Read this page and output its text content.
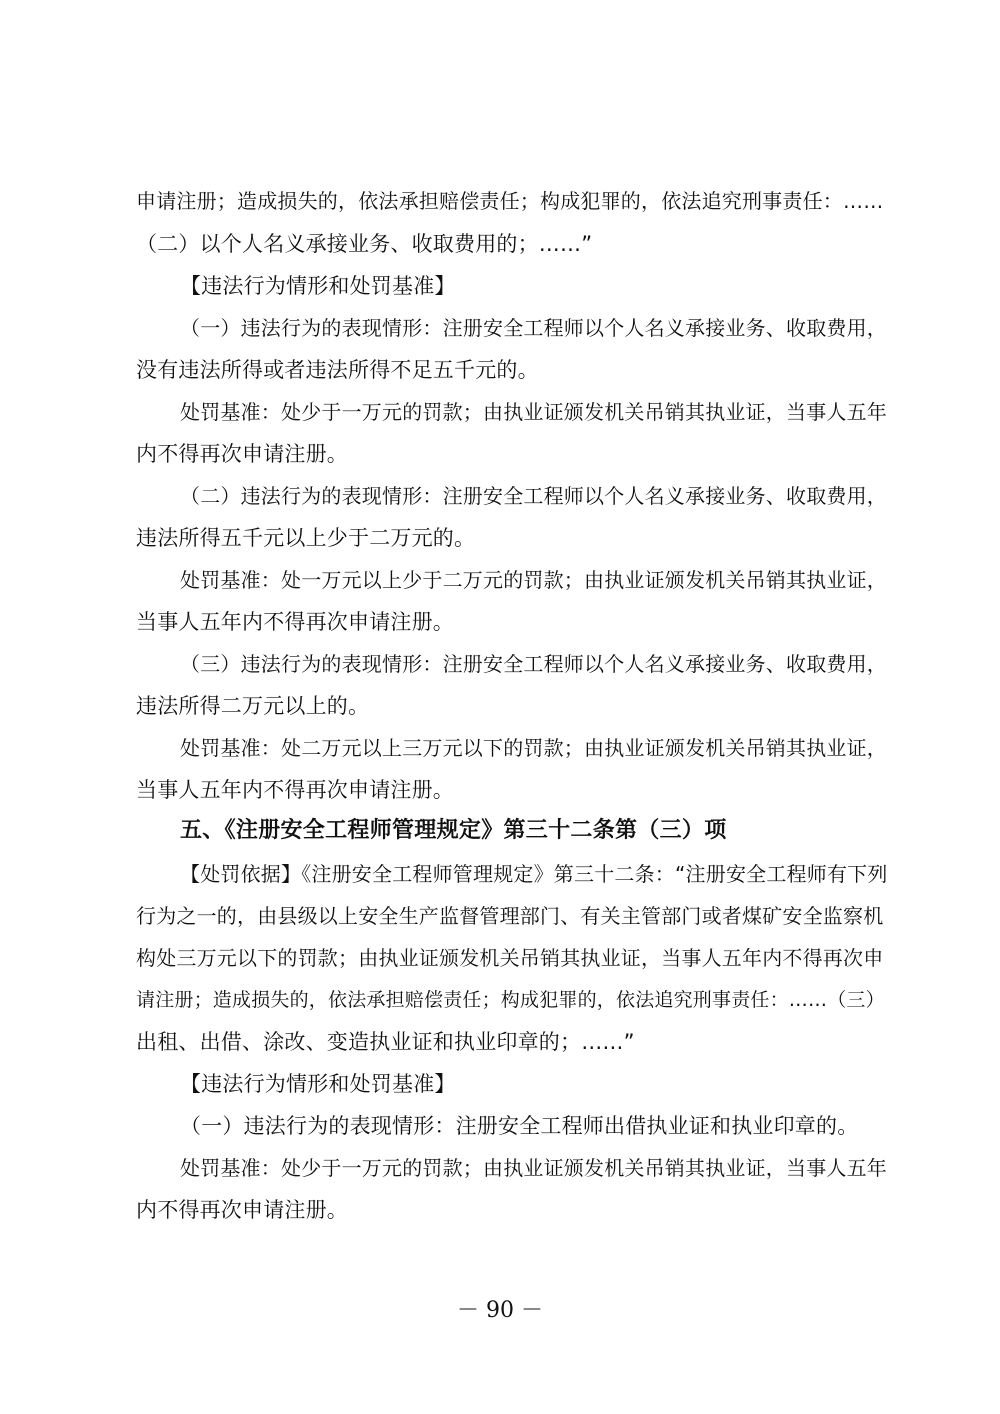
申请注册；造成损失的，依法承担赔偿责任；构成犯罪的，依法追究刑事责任：……
（二）以个人名义承接业务、收取费用的；……”
【违法行为情形和处罚基准】
（一）违法行为的表现情形：注册安全工程师以个人名义承接业务、收取费用，
没有违法所得或者违法所得不足五千元的。
处罚基准：处少于一万元的罚款；由执业证颁发机关吊销其执业证，当事人五年
内不得再次申请注册。
（二）违法行为的表现情形：注册安全工程师以个人名义承接业务、收取费用，
违法所得五千元以上少于二万元的。
处罚基准：处一万元以上少于二万元的罚款；由执业证颁发机关吊销其执业证，
当事人五年内不得再次申请注册。
（三）违法行为的表现情形：注册安全工程师以个人名义承接业务、收取费用，
违法所得二万元以上的。
处罚基准：处二万元以上三万元以下的罚款；由执业证颁发机关吊销其执业证，
当事人五年内不得再次申请注册。
五、《注册安全工程师管理规定》第三十二条第（三）项
【处罚依据】《注册安全工程师管理规定》第三十二条：“注册安全工程师有下列
行为之一的，由县级以上安全生产监督管理部门、有关主管部门或者煤矿安全监察机
构处三万元以下的罚款；由执业证颁发机关吊销其执业证，当事人五年内不得再次申
请注册；造成损失的，依法承担赔偿责任；构成犯罪的，依法追究刑事责任：……（三）
出租、出借、涂改、变造执业证和执业印章的；……”
【违法行为情形和处罚基准】
（一）违法行为的表现情形：注册安全工程师出借执业证和执业印章的。
处罚基准：处少于一万元的罚款；由执业证颁发机关吊销其执业证，当事人五年
内不得再次申请注册。
－ 90 －
